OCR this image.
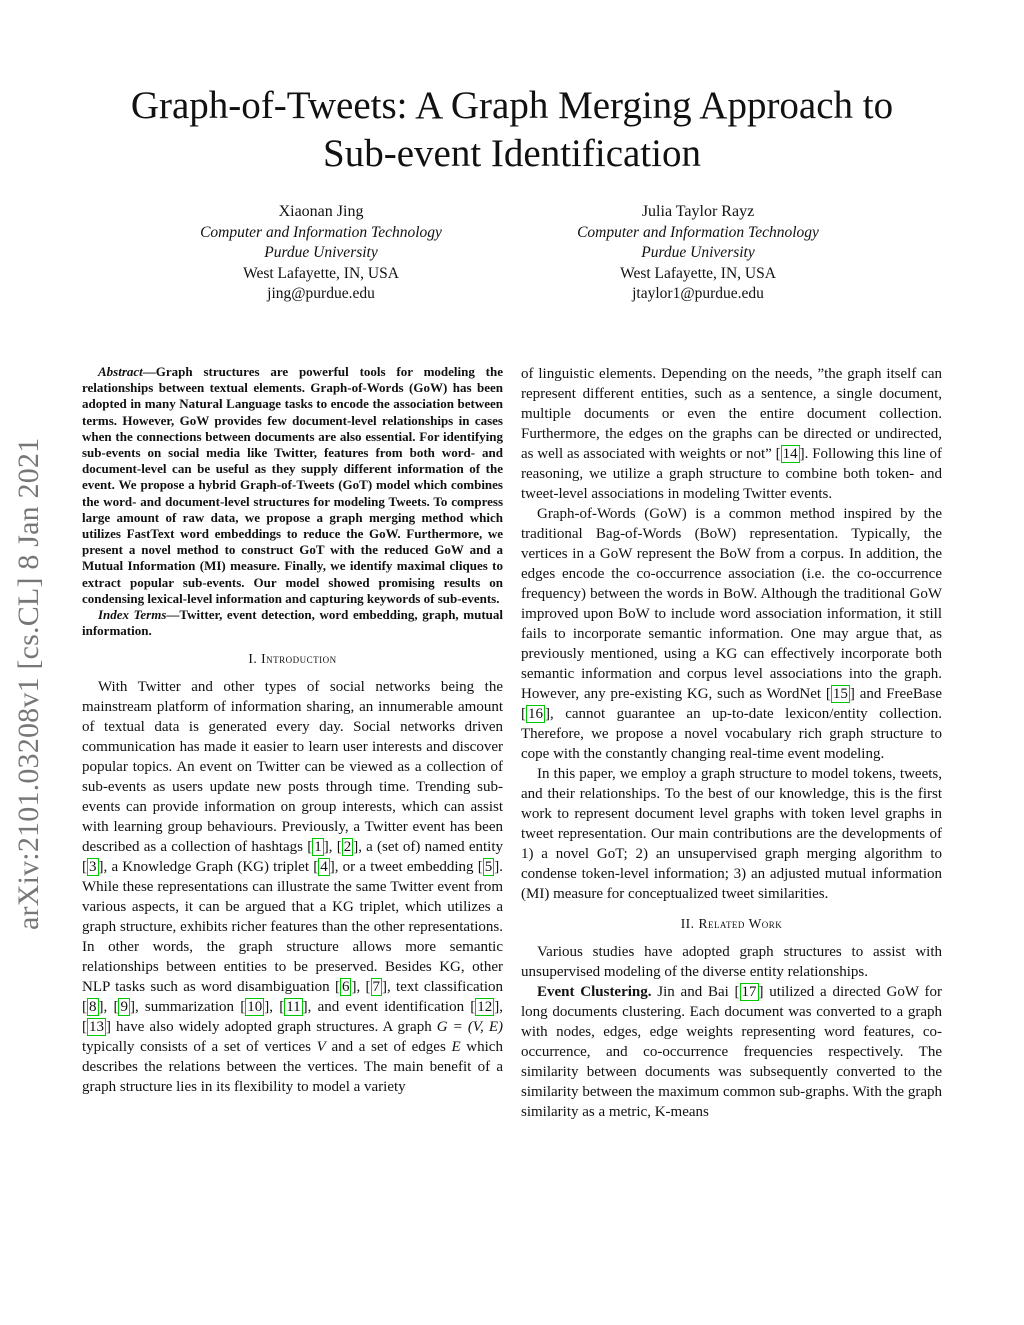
Graph-of-Tweets: A Graph Merging Approach to
Sub-event Identification
Xiaonan Jing
Computer and Information Technology
Purdue University
West Lafayette, IN, USA
jing@purdue.edu
Julia Taylor Rayz
Computer and Information Technology
Purdue University
West Lafayette, IN, USA
jtaylor1@purdue.edu
arXiv:2101.03208v1 [cs.CL] 8 Jan 2021

Abstract—Graph structures are powerful tools for modeling the relationships between textual elements. Graph-of-Words (GoW) has been adopted in many Natural Language tasks to encode the association between terms. However, GoW provides few document-level relationships in cases when the connections between documents are also essential. For identifying sub-events on social media like Twitter, features from both word- and document-level can be useful as they supply different information of the event. We propose a hybrid Graph-of-Tweets (GoT) model which combines the word- and document-level structures for modeling Tweets. To compress large amount of raw data, we propose a graph merging method which utilizes FastText word embeddings to reduce the GoW. Furthermore, we present a novel method to construct GoT with the reduced GoW and a Mutual Information (MI) measure. Finally, we identify maximal cliques to extract popular sub-events. Our model showed promising results on condensing lexical-level information and capturing keywords of sub-events.

Index Terms—Twitter, event detection, word embedding, graph, mutual information.

I. Introduction

With Twitter and other types of social networks being the mainstream platform of information sharing, an innumerable amount of textual data is generated every day. Social networks driven communication has made it easier to learn user interests and discover popular topics. An event on Twitter can be viewed as a collection of sub-events as users update new posts through time. Trending sub-events can provide information on group interests, which can assist with learning group behaviours. Previously, a Twitter event has been described as a collection of hashtags [ 1 ], [ 2 ], a (set of) named entity [ 3 ], a Knowledge Graph (KG) triplet [ 4 ], or a tweet embedding [ 5 ]. While these representations can illustrate the same Twitter event from various aspects, it can be argued that a KG triplet, which utilizes a graph structure, exhibits richer features than the other representations. In other words, the graph structure allows more semantic relationships between entities to be preserved. Besides KG, other NLP tasks such as word disambiguation [ 6 ], [ 7 ], text classification [ 8 ], [ 9 ], summarization [ 10 ], [ 11 ], and event identification [ 12 ], [ 13 ] have also widely adopted graph structures. A graph G = (V, E) typically consists of a set of vertices V and a set of edges E which describes the relations between the vertices. The main benefit of a graph structure lies in its flexibility to model a variety

of linguistic elements. Depending on the needs, ”the graph itself can represent different entities, such as a sentence, a single document, multiple documents or even the entire document collection. Furthermore, the edges on the graphs can be directed or undirected, as well as associated with weights or not” [ 14 ]. Following this line of reasoning, we utilize a graph structure to combine both token- and tweet-level associations in modeling Twitter events.

Graph-of-Words (GoW) is a common method inspired by the traditional Bag-of-Words (BoW) representation. Typically, the vertices in a GoW represent the BoW from a corpus. In addition, the edges encode the co-occurrence association (i.e. the co-occurrence frequency) between the words in BoW. Although the traditional GoW improved upon BoW to include word association information, it still fails to incorporate semantic information. One may argue that, as previously mentioned, using a KG can effectively incorporate both semantic information and corpus level associations into the graph. However, any pre-existing KG, such as WordNet [ 15 ] and FreeBase [ 16 ], cannot guarantee an up-to-date lexicon/entity collection. Therefore, we propose a novel vocabulary rich graph structure to cope with the constantly changing real-time event modeling.

In this paper, we employ a graph structure to model tokens, tweets, and their relationships. To the best of our knowledge, this is the first work to represent document level graphs with token level graphs in tweet representation. Our main contributions are the developments of 1) a novel GoT; 2) an unsupervised graph merging algorithm to condense token-level information; 3) an adjusted mutual information (MI) measure for conceptualized tweet similarities.

II. Related Work

Various studies have adopted graph structures to assist with unsupervised modeling of the diverse entity relationships.

Event Clustering. Jin and Bai [ 17 ] utilized a directed GoW for long documents clustering. Each document was converted to a graph with nodes, edges, edge weights representing word features, co-occurrence, and co-occurrence frequencies respectively. The similarity between documents was subsequently converted to the similarity between the maximum common sub-graphs. With the graph similarity as a metric, K-means
